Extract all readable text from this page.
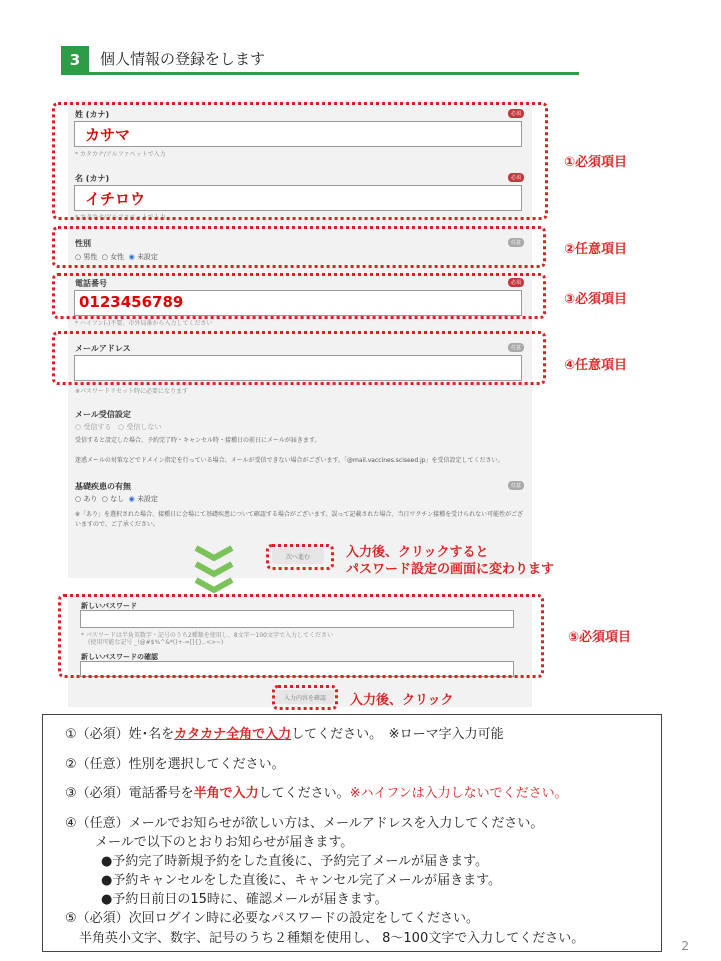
3	個人情報の登録をします
姓 (カナ)	必須
カサマ
* カタカナ/アルファベットで入力
名 (カナ)	必須
イチロウ
* カタカナ/アルファベットで入力
性別	任意
○ 男性 ○ 女性 ◉ 未設定
電話番号	必須
0123456789
* ハイフン(-)不要。市外局番から入力してください
メールアドレス	任意
※パスワードリセット時に必要になります
メール受信設定
○ 受信する ○ 受信しない
受信すると設定した場合、予約完了時・キャンセル時・接種日の前日にメールが届きます。
迷惑メールの対策などでドメイン指定を行っている場合、メールが受信できない場合がございます。「@mail.vaccines.sciseed.jp」を受信設定してください。
基礎疾患の有無	任意
○ あり ○ なし ◉ 未設定
※「あり」を選択された場合、接種日に会場にて基礎疾患について確認する場合がございます。誤って記載された場合、当日ワクチン接種を受けられない可能性がございますので、ご了承ください。
次へ進む
①必須項目
②任意項目
③必須項目
④任意項目
入力後、クリックすると
パスワード設定の画面に変わります
新しいパスワード
* パスワードは半角英数字・記号のうち2種類を使用し、8文字～100文字で入力してください
(使用可能な記号 _!@#$%^&*()+-=[]{},.<>~)
新しいパスワードの確認
⑤必須項目
入力内容を確認	入力後、クリック
①（必須）姓･名をカタカナ全角で入力してください。　※ローマ字入力可能
②（任意）性別を選択してください。
③（必須）電話番号を半角で入力してください。※ハイフンは入力しないでください。
④（任意）メールでお知らせが欲しい方は、メールアドレスを入力してください。
メールで以下のとおりお知らせが届きます。
●予約完了時新規予約をした直後に、予約完了メールが届きます。
●予約キャンセルをした直後に、キャンセル完了メールが届きます。
●予約日前日の15時に、確認メールが届きます。
⑤（必須）次回ログイン時に必要なパスワードの設定をしてください。
半角英小文字、数字、記号のうち２種類を使用し、 8～100文字で入力してください。	2
